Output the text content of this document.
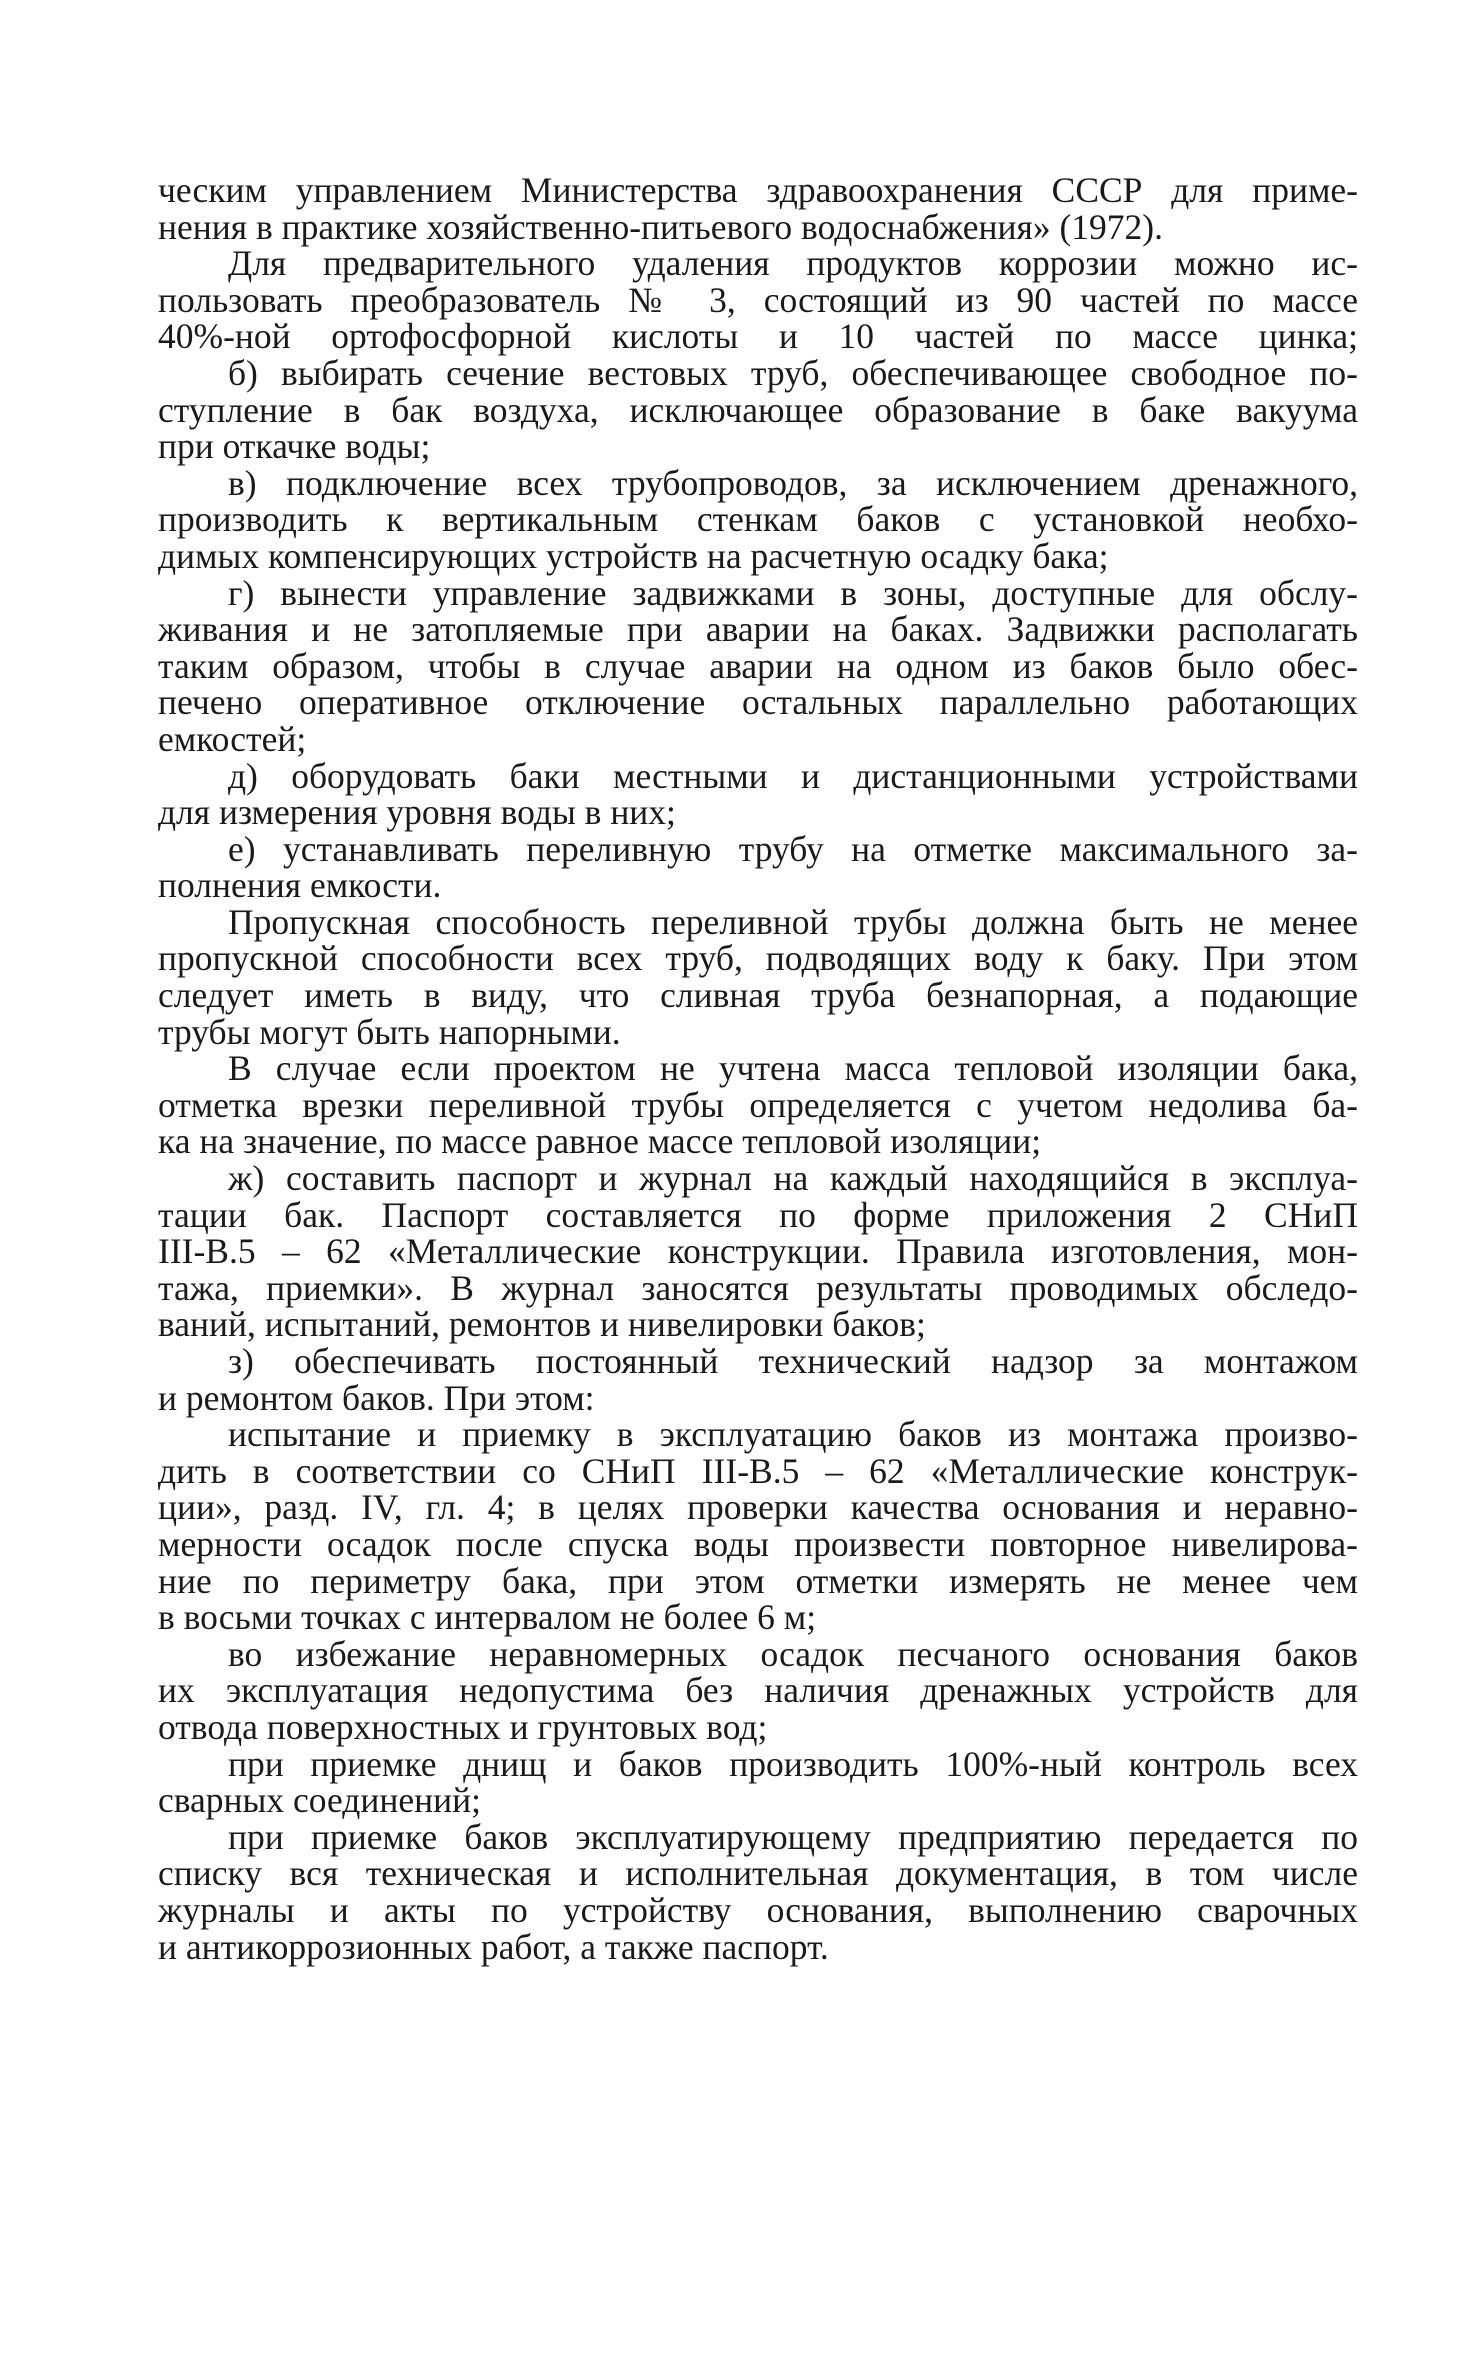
ческим управлением Министерства здравоохранения СССР для приме-
нения в практике хозяйственно-питьевого водоснабжения» (1972).
Для предварительного удаления продуктов коррозии можно ис-
пользовать преобразователь № 3, состоящий из 90 частей по массе
40%-ной ортофосфорной кислоты и 10 частей по массе цинка;
б) выбирать сечение вестовых труб, обеспечивающее свободное по-
ступление в бак воздуха, исключающее образование в баке вакуума
при откачке воды;
в) подключение всех трубопроводов, за исключением дренажного,
производить к вертикальным стенкам баков с установкой необхо-
димых компенсирующих устройств на расчетную осадку бака;
г) вынести управление задвижками в зоны, доступные для обслу-
живания и не затопляемые при аварии на баках. Задвижки располагать
таким образом, чтобы в случае аварии на одном из баков было обес-
печено оперативное отключение остальных параллельно работающих
емкостей;
д) оборудовать баки местными и дистанционными устройствами
для измерения уровня воды в них;
е) устанавливать переливную трубу на отметке максимального за-
полнения емкости.
Пропускная способность переливной трубы должна быть не менее
пропускной способности всех труб, подводящих воду к баку. При этом
следует иметь в виду, что сливная труба безнапорная, а подающие
трубы могут быть напорными.
В случае если проектом не учтена масса тепловой изоляции бака,
отметка врезки переливной трубы определяется с учетом недолива ба-
ка на значение, по массе равное массе тепловой изоляции;
ж) составить паспорт и журнал на каждый находящийся в эксплуа-
тации бак. Паспорт составляется по форме приложения 2 СНиП
III-В.5 – 62 «Металлические конструкции. Правила изготовления, мон-
тажа, приемки». В журнал заносятся результаты проводимых обследо-
ваний, испытаний, ремонтов и нивелировки баков;
з) обеспечивать постоянный технический надзор за монтажом
и ремонтом баков. При этом:
испытание и приемку в эксплуатацию баков из монтажа произво-
дить в соответствии со СНиП III-В.5 – 62 «Металлические конструк-
ции», разд. IV, гл. 4; в целях проверки качества основания и неравно-
мерности осадок после спуска воды произвести повторное нивелирова-
ние по периметру бака, при этом отметки измерять не менее чем
в восьми точках с интервалом не более 6 м;
во избежание неравномерных осадок песчаного основания баков
их эксплуатация недопустима без наличия дренажных устройств для
отвода поверхностных и грунтовых вод;
при приемке днищ и баков производить 100%-ный контроль всех
сварных соединений;
при приемке баков эксплуатирующему предприятию передается по
списку вся техническая и исполнительная документация, в том числе
журналы и акты по устройству основания, выполнению сварочных
и антикоррозионных работ, а также паспорт.
